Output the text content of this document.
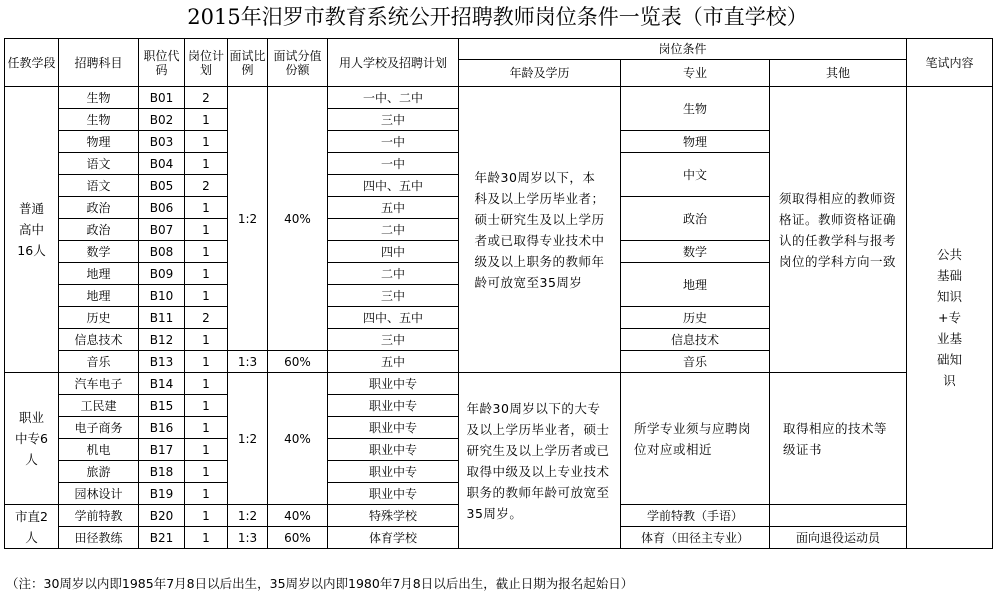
2015年汨罗市教育系统公开招聘教师岗位条件一览表（市直学校）
任教学段	招聘科目	职位代码	岗位计划	面试比例	面试分值份额	用人学校及招聘计划	岗位条件			笔试内容
							年龄及学历	专业	其他	
普通高中16人	生物	B01	2	1:2	40%	一中、二中	年龄30周岁以下，本科及以上学历毕业者；硕士研究生及以上学历者或已取得专业技术中级及以上职务的教师年龄可放宽至35周岁	生物	须取得相应的教师资格证。教师资格证确认的任教学科与报考岗位的学科方向一致	公共基础知识+专业基础知识
	生物	B02	1			三中				
	物理	B03	1			一中		物理		
	语文	B04	1			一中		中文		
	语文	B05	2			四中、五中				
	政治	B06	1			五中		政治		
	政治	B07	1			二中				
	数学	B08	1			四中		数学		
	地理	B09	1			二中		地理		
	地理	B10	1			三中				
	历史	B11	2			四中、五中		历史		
	信息技术	B12	1			三中		信息技术		
	音乐	B13	1	1:3	60%	五中		音乐		
职业中专6人	汽车电子	B14	1	1:2	40%	职业中专	年龄30周岁以下的大专及以上学历毕业者，硕士研究生及以上学历者或已取得中级及以上专业技术职务的教师年龄可放宽至35周岁。	所学专业须与应聘岗位对应或相近	取得相应的技术等级证书	
	工民建	B15	1			职业中专				
	电子商务	B16	1			职业中专				
	机电	B17	1			职业中专				
	旅游	B18	1			职业中专				
	园林设计	B19	1			职业中专				
市直2人	学前特教	B20	1	1:2	40%	特殊学校		学前特教（手语）		
	田径教练	B21	1	1:3	60%	体育学校		体育（田径主专业）	面向退役运动员	
（注：30周岁以内即1985年7月8日以后出生，35周岁以内即1980年7月8日以后出生，截止日期为报名起始日）
